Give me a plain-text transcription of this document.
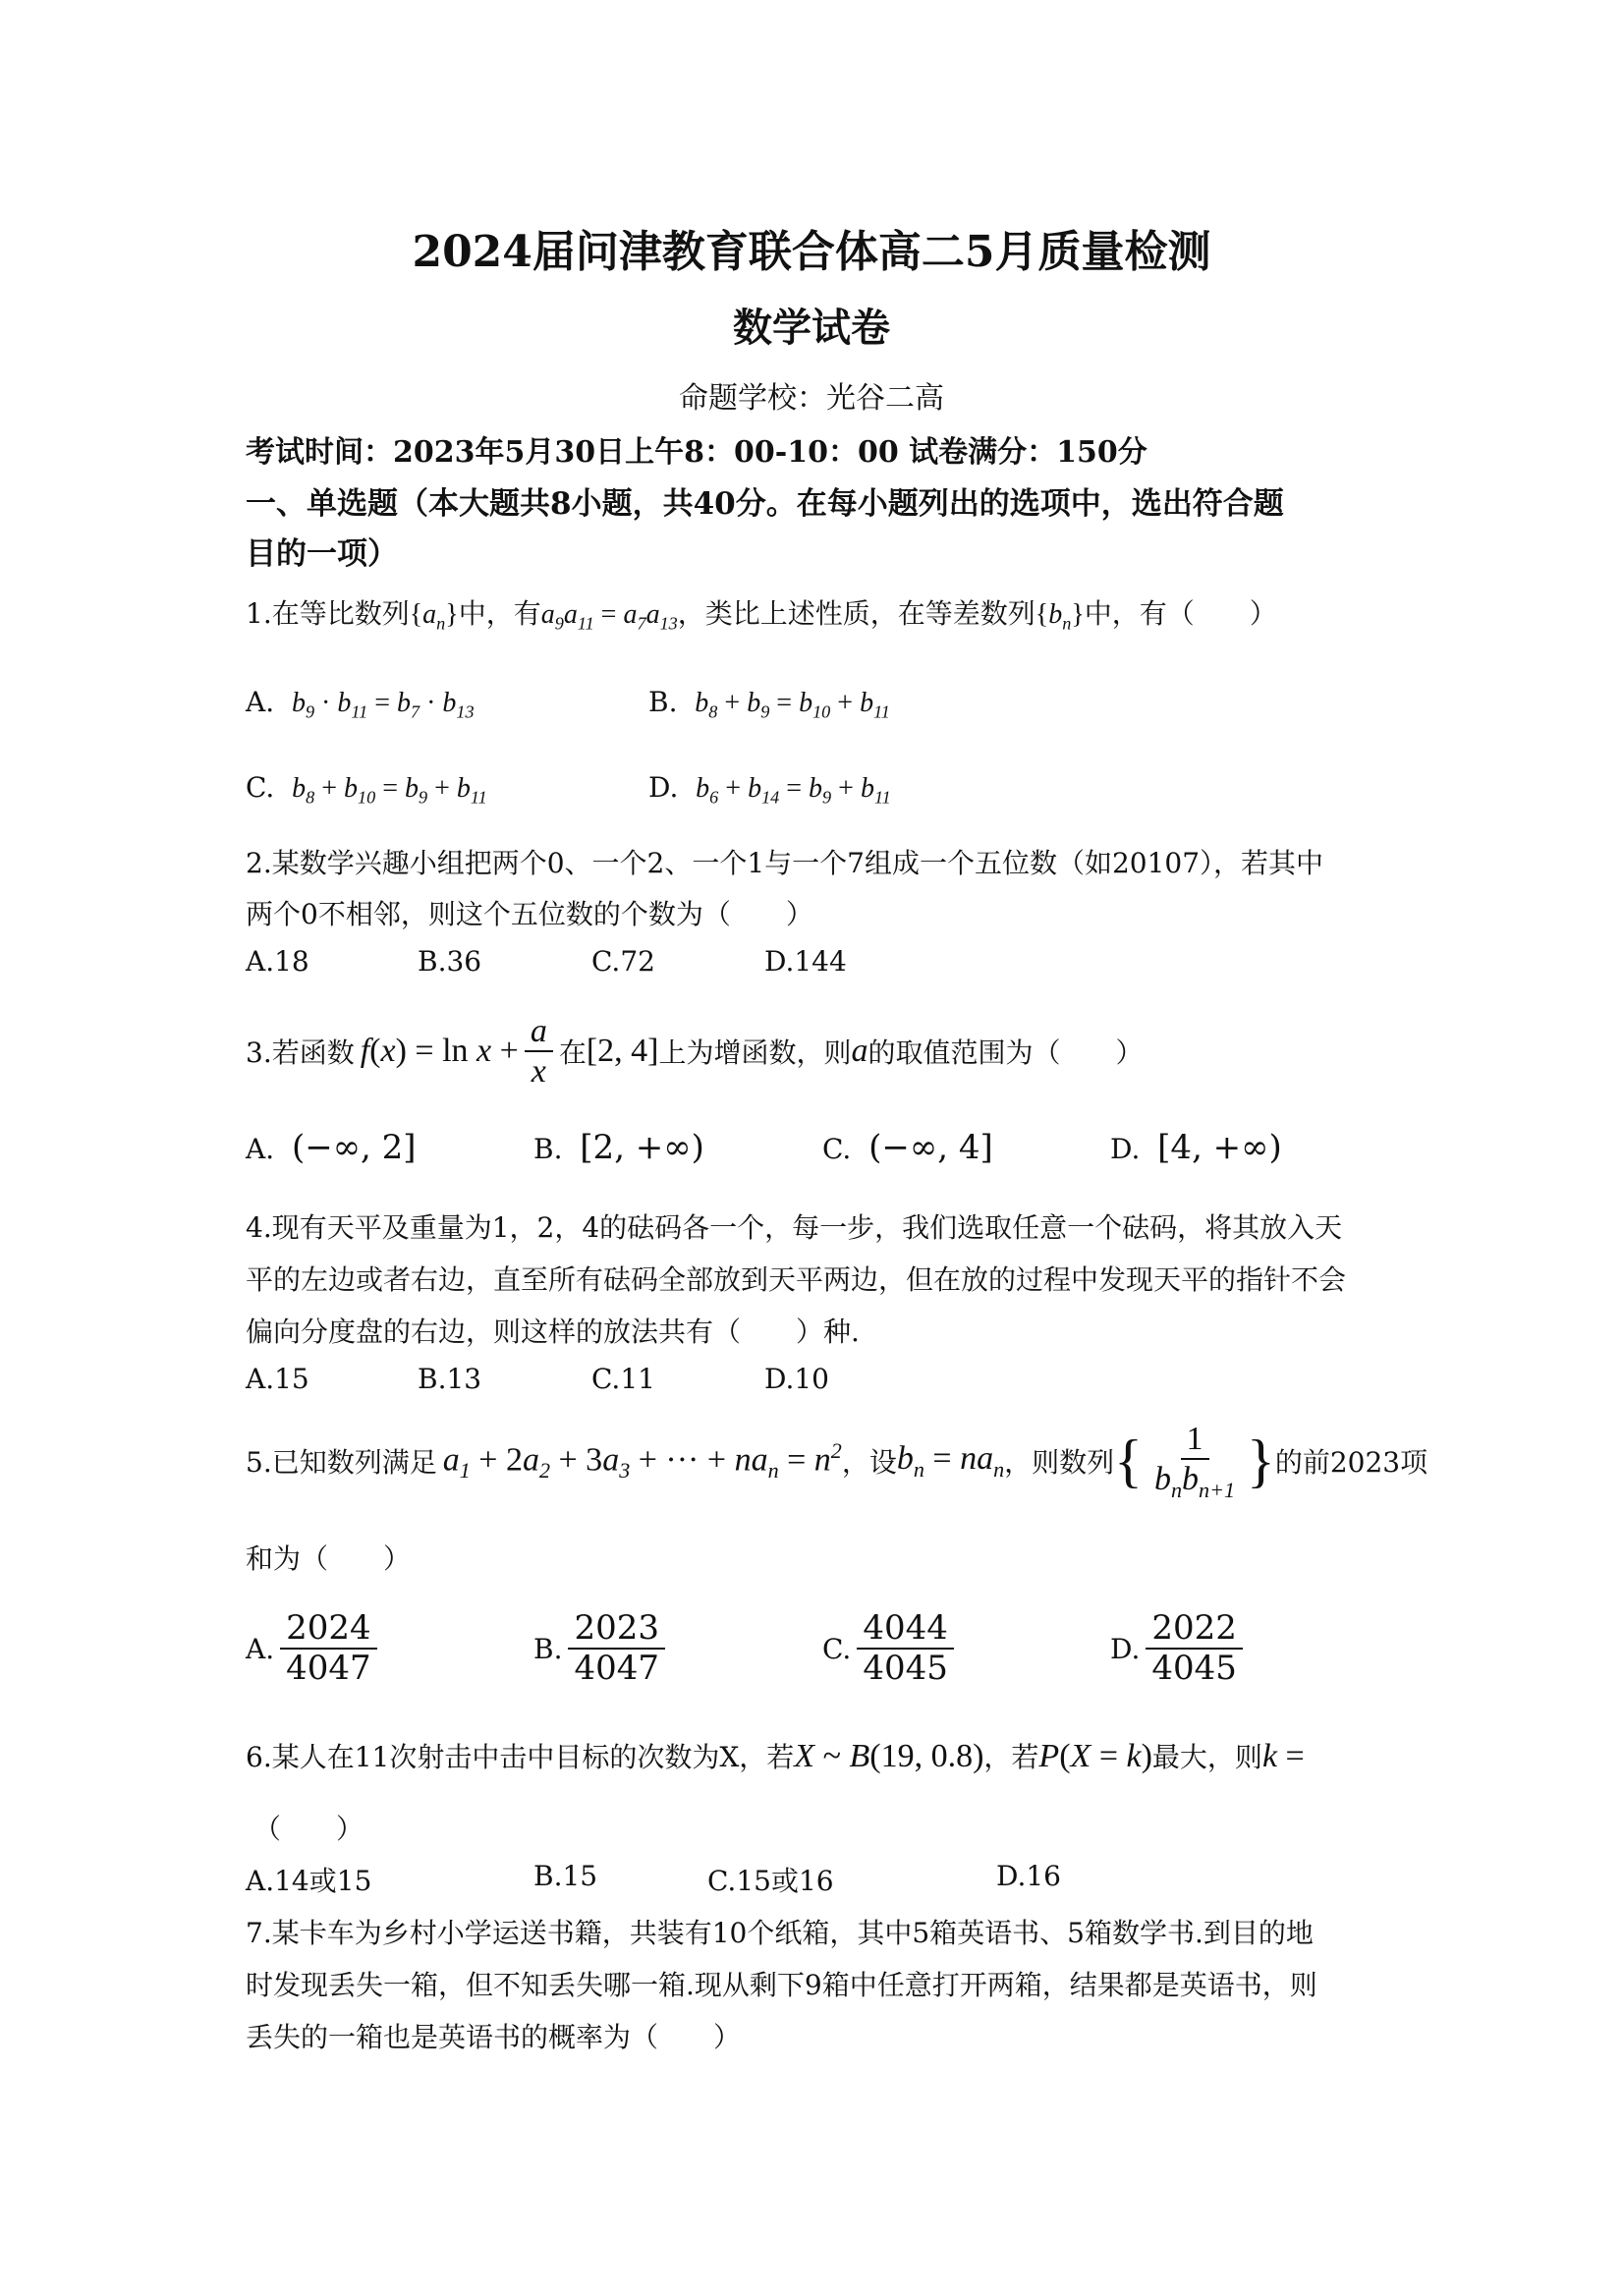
2024届问津教育联合体高二5月质量检测
数学试卷
命题学校：光谷二高
考试时间：2023年5月30日上午8：00-10：00 试卷满分：150分
一、单选题（本大题共8小题，共40分。在每小题列出的选项中，选出符合题
目的一项）
1.在等比数列$\{a_n\}$中，有$a_9a_{11} = a_7a_{13}$，类比上述性质，在等差数列$\{b_n\}$中，有（　　）
A. $b_9 \cdot b_{11} = b_7 \cdot b_{13}$	B. $b_8 + b_9 = b_{10} + b_{11}$
C. $b_8 + b_{10} = b_9 + b_{11}$	D. $b_6 + b_{14} = b_9 + b_{11}$
2.某数学兴趣小组把两个0、一个2、一个1与一个7组成一个五位数（如20107），若其中
两个0不相邻，则这个五位数的个数为（　　）
A.18	B.36	C.72	D.144
3.若函数 $f(x) = \ln x + \frac{a}{x}$ 在 [2, 4] 上为增函数，则 a 的取值范围为（　　）
A. (−∞, 2]	B. [2, +∞)	C. (−∞, 4]	D. [4, +∞)
4.现有天平及重量为1，2，4的砝码各一个，每一步，我们选取任意一个砝码，将其放入天
平的左边或者右边，直至所有砝码全部放到天平两边，但在放的过程中发现天平的指针不会
偏向分度盘的右边，则这样的放法共有（　　）种.
A.15	B.13	C.11	D.10
5.已知数列满足 $a_1 + 2a_2 + 3a_3$ + ··· + $na_n = n^2$ ，设 $b_n = na_n$ ，则数列 { $\frac{1}{b_nb_{n+1}}$ } 的前2023项
和为（　　）
A. $\frac{2024}{4047}$	B. $\frac{2023}{4047}$	C. $\frac{4044}{4045}$	D. $\frac{2022}{4045}$
6.某人在11次射击中击中目标的次数为X，若X ~ B(19, 0.8)，若P(X = k)最大，则k =
（　　）
A.14或15	B.15	C.15或16	D.16
7.某卡车为乡村小学运送书籍，共装有10个纸箱，其中5箱英语书、5箱数学书.到目的地
时发现丢失一箱，但不知丢失哪一箱.现从剩下9箱中任意打开两箱，结果都是英语书，则
丢失的一箱也是英语书的概率为（　　）
